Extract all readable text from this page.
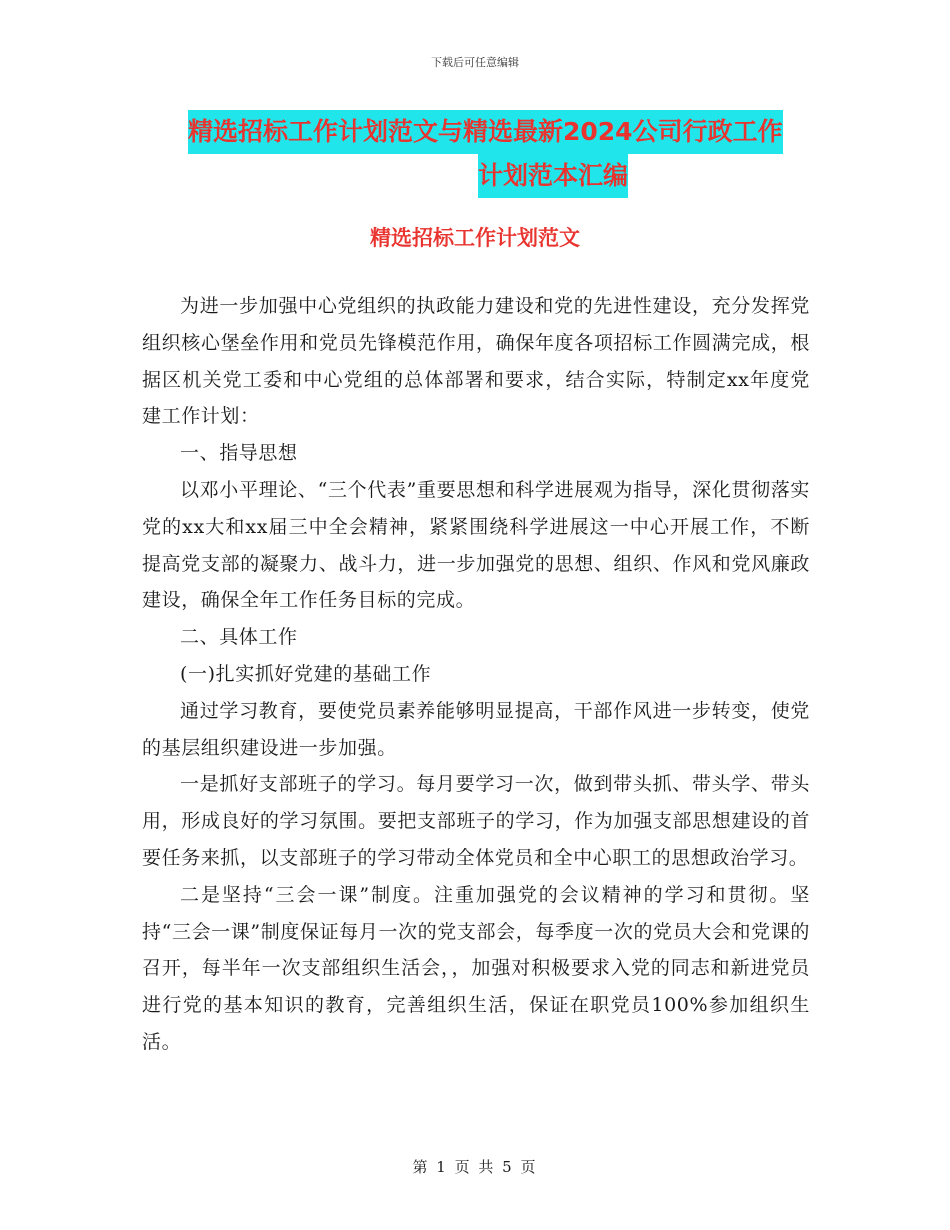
下载后可任意编辑
精选招标工作计划范文与精选最新2024公司行政工作
计划范本汇编
精选招标工作计划范文

为进一步加强中心党组织的执政能力建设和党的先进性建设，充分发挥党组织核心堡垒作用和党员先锋模范作用，确保年度各项招标工作圆满完成，根据区机关党工委和中心党组的总体部署和要求，结合实际，特制定xx年度党建工作计划：

一、指导思想

以邓小平理论、“三个代表”重要思想和科学进展观为指导，深化贯彻落实党的xx大和xx届三中全会精神，紧紧围绕科学进展这一中心开展工作，不断提高党支部的凝聚力、战斗力，进一步加强党的思想、组织、作风和党风廉政建设，确保全年工作任务目标的完成。

二、具体工作

(一)扎实抓好党建的基础工作

通过学习教育，要使党员素养能够明显提高，干部作风进一步转变，使党的基层组织建设进一步加强。

一是抓好支部班子的学习。每月要学习一次，做到带头抓、带头学、带头用，形成良好的学习氛围。要把支部班子的学习，作为加强支部思想建设的首要任务来抓，以支部班子的学习带动全体党员和全中心职工的思想政治学习。

二是坚持“三会一课”制度。注重加强党的会议精神的学习和贯彻。坚持“三会一课”制度保证每月一次的党支部会，每季度一次的党员大会和党课的召开，每半年一次支部组织生活会，，加强对积极要求入党的同志和新进党员进行党的基本知识的教育，完善组织生活，保证在职党员100%参加组织生活。

第 1 页 共 5 页
